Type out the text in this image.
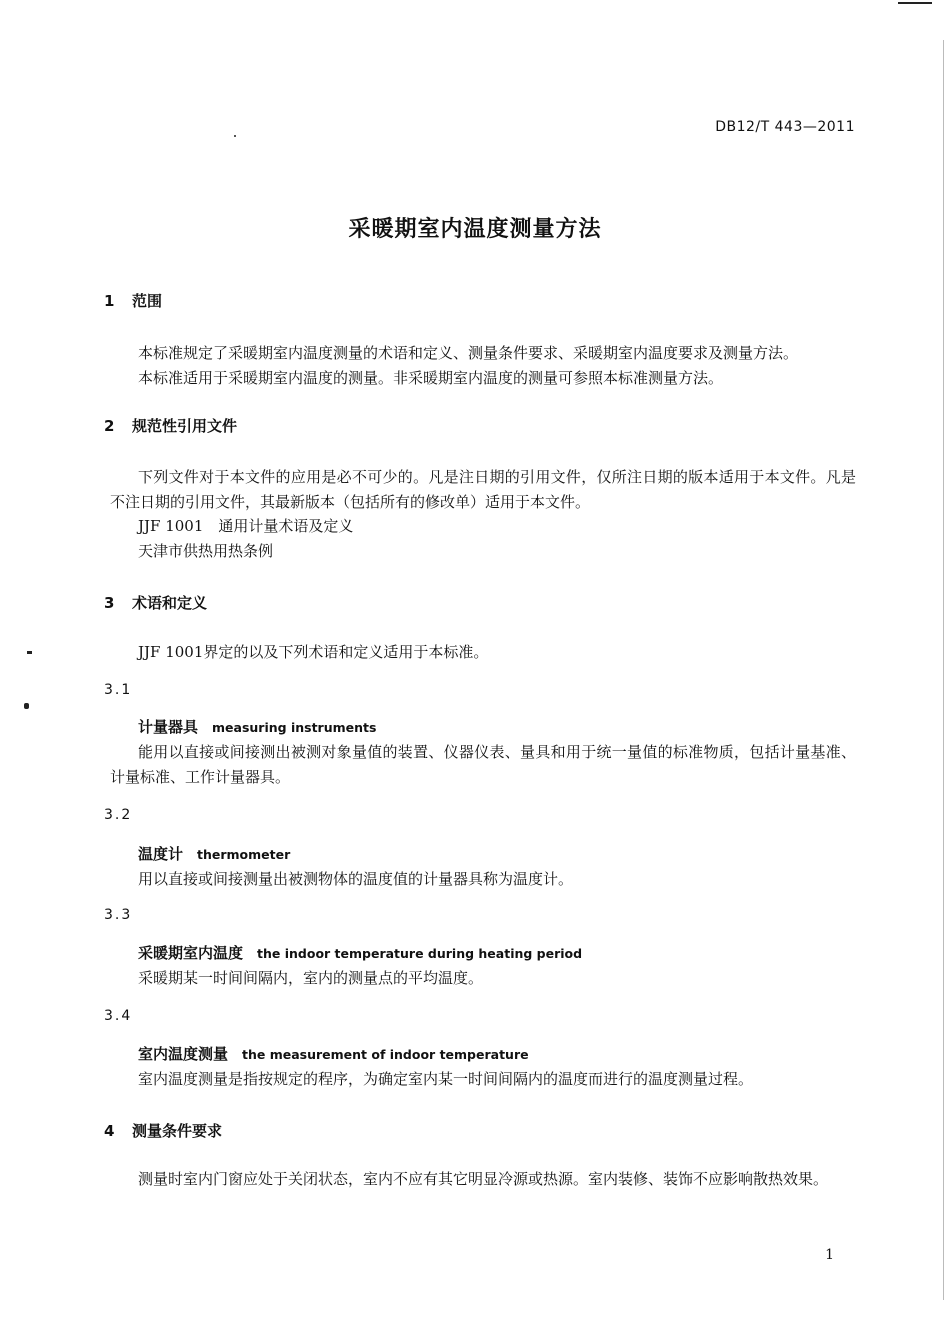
DB12/T 443—2011
采暖期室内温度测量方法
1 范围
本标准规定了采暖期室内温度测量的术语和定义、测量条件要求、采暖期室内温度要求及测量方法。
本标准适用于采暖期室内温度的测量。非采暖期室内温度的测量可参照本标准测量方法。
2 规范性引用文件
下列文件对于本文件的应用是必不可少的。凡是注日期的引用文件，仅所注日期的版本适用于本文件。凡是不注日期的引用文件，其最新版本（包括所有的修改单）适用于本文件。
JJF 1001　通用计量术语及定义
天津市供热用热条例
3 术语和定义
JJF 1001界定的以及下列术语和定义适用于本标准。
3.1
计量器具 measuring instruments
能用以直接或间接测出被测对象量值的装置、仪器仪表、量具和用于统一量值的标准物质，包括计量基准、计量标准、工作计量器具。
3.2
温度计 thermometer
用以直接或间接测量出被测物体的温度值的计量器具称为温度计。
3.3
采暖期室内温度 the indoor temperature during heating period
采暖期某一时间间隔内，室内的测量点的平均温度。
3.4
室内温度测量 the measurement of indoor temperature
室内温度测量是指按规定的程序，为确定室内某一时间间隔内的温度而进行的温度测量过程。
4 测量条件要求
测量时室内门窗应处于关闭状态，室内不应有其它明显冷源或热源。室内装修、装饰不应影响散热效果。
1
